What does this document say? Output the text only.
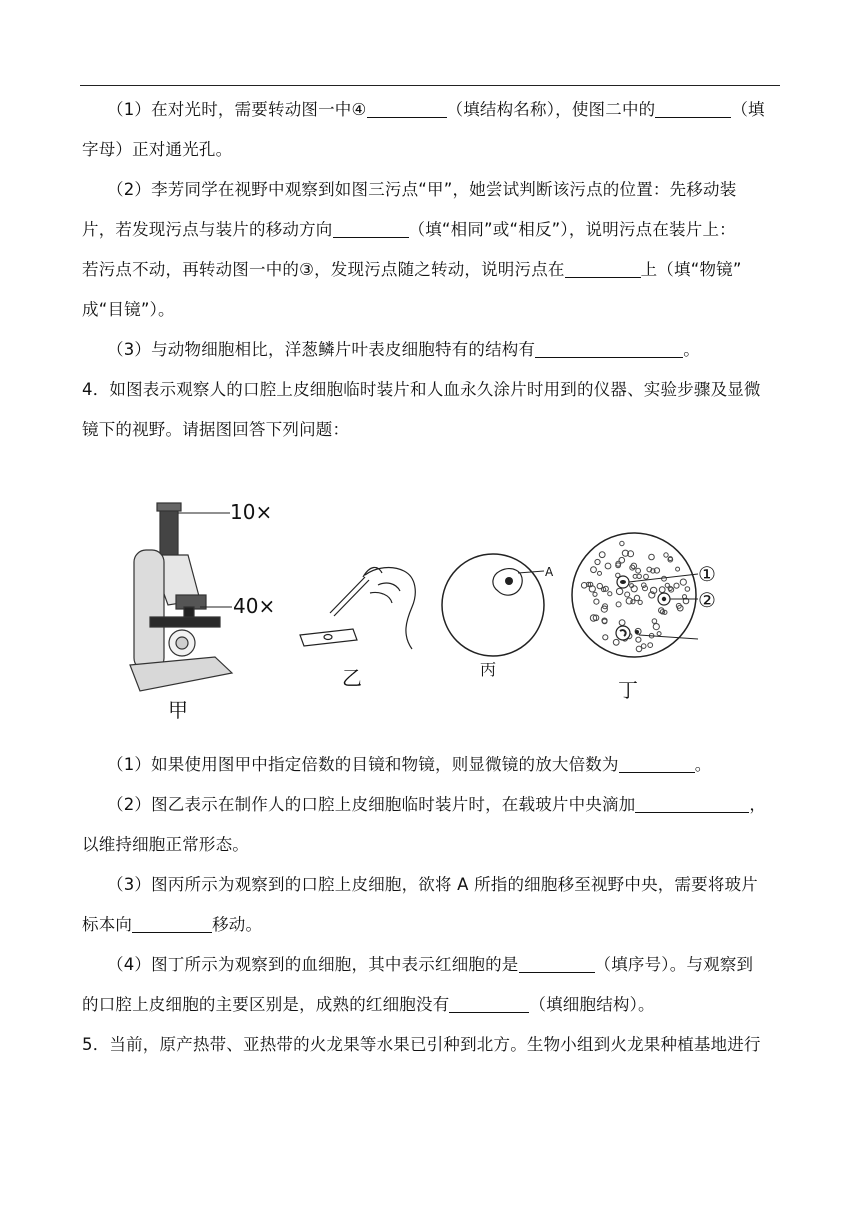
（1）在对光时，需要转动图一中④	（填结构名称），使图二中的	（填
字母）正对通光孔。
（2）李芳同学在视野中观察到如图三污点“甲”，她尝试判断该污点的位置：先移动装
片，若发现污点与装片的移动方向	（填“相同”或“相反”），说明污点在装片上：
若污点不动，再转动图一中的③，发现污点随之转动，说明污点在	上（填“物镜”
成“目镜”）。
（3）与动物细胞相比，洋葱鳞片叶表皮细胞特有的结构有	。
4．如图表示观察人的口腔上皮细胞临时装片和人血永久涂片时用到的仪器、实验步骤及显微
镜下的视野。请据图回答下列问题：
10×
40×
甲
乙
A
丙
①
②
丁
（1）如果使用图甲中指定倍数的目镜和物镜，则显微镜的放大倍数为	。
（2）图乙表示在制作人的口腔上皮细胞临时装片时，在载玻片中央滴加	，
以维持细胞正常形态。
（3）图丙所示为观察到的口腔上皮细胞，欲将 A 所指的细胞移至视野中央，需要将玻片
标本向	移动。
（4）图丁所示为观察到的血细胞，其中表示红细胞的是	（填序号）。与观察到
的口腔上皮细胞的主要区别是，成熟的红细胞没有	（填细胞结构）。
5．当前，原产热带、亚热带的火龙果等水果已引种到北方。生物小组到火龙果种植基地进行
